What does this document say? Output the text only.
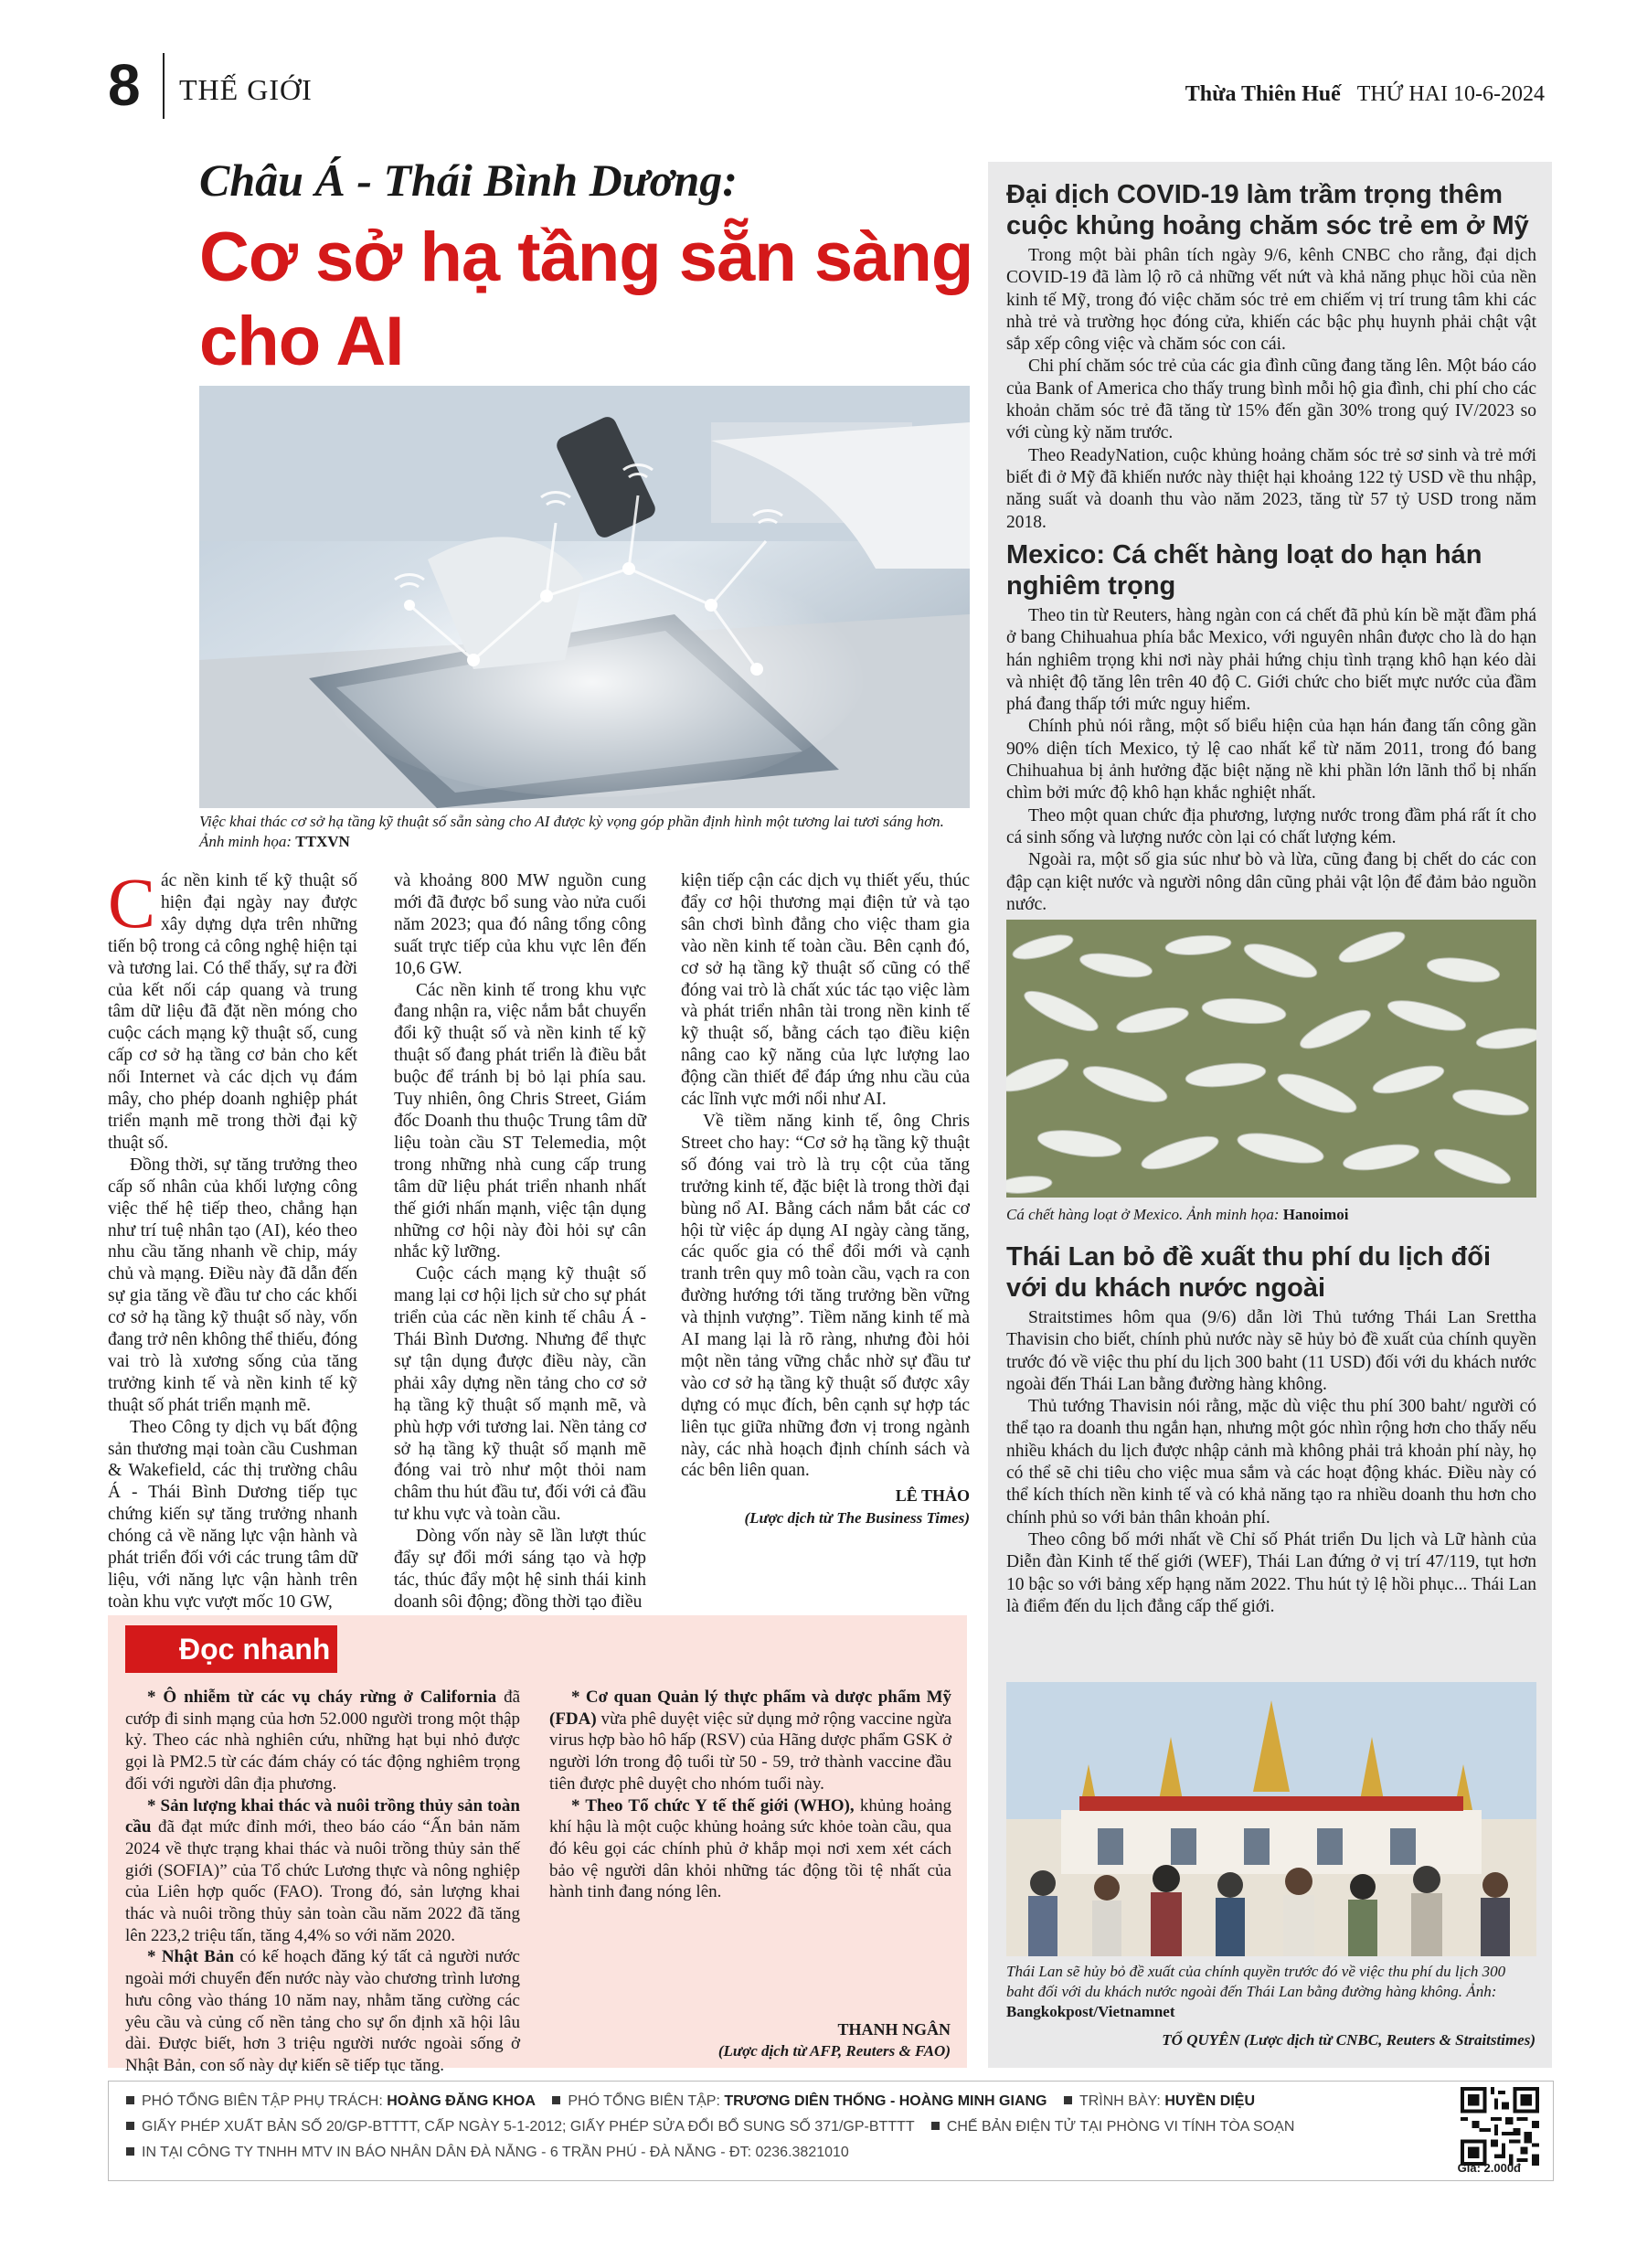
8 THẾ GIỚI	Thừa Thiên Huế THỨ HAI 10-6-2024
Châu Á - Thái Bình Dương:
Cơ sở hạ tầng sẵn sàng cho AI
Việc khai thác cơ sở hạ tầng kỹ thuật số sẵn sàng cho AI được kỳ vọng góp phần định hình một tương lai tươi sáng hơn. Ảnh minh họa: TTXVN

Các nền kinh tế kỹ thuật số hiện đại ngày nay được xây dựng dựa trên những tiến bộ trong cả công nghệ hiện tại và tương lai. Có thể thấy, sự ra đời của kết nối cáp quang và trung tâm dữ liệu đã đặt nền móng cho cuộc cách mạng kỹ thuật số, cung cấp cơ sở hạ tầng cơ bản cho kết nối Internet và các dịch vụ đám mây, cho phép doanh nghiệp phát triển mạnh mẽ trong thời đại kỹ thuật số.

Đồng thời, sự tăng trưởng theo cấp số nhân của khối lượng công việc thế hệ tiếp theo, chẳng hạn như trí tuệ nhân tạo (AI), kéo theo nhu cầu tăng nhanh về chip, máy chủ và mạng. Điều này đã dẫn đến sự gia tăng về đầu tư cho các khối cơ sở hạ tầng kỹ thuật số này, vốn đang trở nên không thể thiếu, đóng vai trò là xương sống của tăng trưởng kinh tế và nền kinh tế kỹ thuật số phát triển mạnh mẽ.

Theo Công ty dịch vụ bất động sản thương mại toàn cầu Cushman & Wakefield, các thị trường châu Á - Thái Bình Dương tiếp tục chứng kiến sự tăng trưởng nhanh chóng cả về năng lực vận hành và phát triển đối với các trung tâm dữ liệu, với năng lực vận hành trên toàn khu vực vượt mốc 10 GW,

và khoảng 800 MW nguồn cung mới đã được bổ sung vào nửa cuối năm 2023; qua đó nâng tổng công suất trực tiếp của khu vực lên đến 10,6 GW.

Các nền kinh tế trong khu vực đang nhận ra, việc nắm bắt chuyển đổi kỹ thuật số và nền kinh tế kỹ thuật số đang phát triển là điều bắt buộc để tránh bị bỏ lại phía sau. Tuy nhiên, ông Chris Street, Giám đốc Doanh thu thuộc Trung tâm dữ liệu toàn cầu ST Telemedia, một trong những nhà cung cấp trung tâm dữ liệu phát triển nhanh nhất thế giới nhấn mạnh, việc tận dụng những cơ hội này đòi hỏi sự cân nhắc kỹ lưỡng.

Cuộc cách mạng kỹ thuật số mang lại cơ hội lịch sử cho sự phát triển của các nền kinh tế châu Á - Thái Bình Dương. Nhưng để thực sự tận dụng được điều này, cần phải xây dựng nền tảng cho cơ sở hạ tầng kỹ thuật số mạnh mẽ, và phù hợp với tương lai. Nền tảng cơ sở hạ tầng kỹ thuật số mạnh mẽ đóng vai trò như một thỏi nam châm thu hút đầu tư, đối với cả đầu tư khu vực và toàn cầu.

Dòng vốn này sẽ lần lượt thúc đẩy sự đổi mới sáng tạo và hợp tác, thúc đẩy một hệ sinh thái kinh doanh sôi động; đồng thời tạo điều

kiện tiếp cận các dịch vụ thiết yếu, thúc đẩy cơ hội thương mại điện tử và tạo sân chơi bình đẳng cho việc tham gia vào nền kinh tế toàn cầu. Bên cạnh đó, cơ sở hạ tầng kỹ thuật số cũng có thể đóng vai trò là chất xúc tác tạo việc làm và phát triển nhân tài trong nền kinh tế kỹ thuật số, bằng cách tạo điều kiện nâng cao kỹ năng của lực lượng lao động cần thiết để đáp ứng nhu cầu của các lĩnh vực mới nổi như AI.

Về tiềm năng kinh tế, ông Chris Street cho hay: “Cơ sở hạ tầng kỹ thuật số đóng vai trò là trụ cột của tăng trưởng kinh tế, đặc biệt là trong thời đại bùng nổ AI. Bằng cách nắm bắt các cơ hội từ việc áp dụng AI ngày càng tăng, các quốc gia có thể đổi mới và cạnh tranh trên quy mô toàn cầu, vạch ra con đường hướng tới tăng trưởng bền vững và thịnh vượng”. Tiềm năng kinh tế mà AI mang lại là rõ ràng, nhưng đòi hỏi một nền tảng vững chắc nhờ sự đầu tư vào cơ sở hạ tầng kỹ thuật số được xây dựng có mục đích, bên cạnh sự hợp tác liên tục giữa những đơn vị trong ngành này, các nhà hoạch định chính sách và các bên liên quan.

LÊ THẢO
(Lược dịch từ The Business Times)
Đọc nhanh

* Ô nhiễm từ các vụ cháy rừng ở California đã cướp đi sinh mạng của hơn 52.000 người trong một thập kỷ. Theo các nhà nghiên cứu, những hạt bụi nhỏ được gọi là PM2.5 từ các đám cháy có tác động nghiêm trọng đối với người dân địa phương.

* Sản lượng khai thác và nuôi trồng thủy sản toàn cầu đã đạt mức đỉnh mới, theo báo cáo “Ấn bản năm 2024 về thực trạng khai thác và nuôi trồng thủy sản thế giới (SOFIA)” của Tổ chức Lương thực và nông nghiệp của Liên hợp quốc (FAO). Trong đó, sản lượng khai thác và nuôi trồng thủy sản toàn cầu năm 2022 đã tăng lên 223,2 triệu tấn, tăng 4,4% so với năm 2020.

* Nhật Bản có kế hoạch đăng ký tất cả người nước ngoài mới chuyển đến nước này vào chương trình lương hưu công vào tháng 10 năm nay, nhằm tăng cường các yêu cầu và củng cố nền tảng cho sự ổn định xã hội lâu dài. Được biết, hơn 3 triệu người nước ngoài sống ở Nhật Bản, con số này dự kiến sẽ tiếp tục tăng.

* Cơ quan Quản lý thực phẩm và dược phẩm Mỹ (FDA) vừa phê duyệt việc sử dụng mở rộng vaccine ngừa virus hợp bào hô hấp (RSV) của Hãng dược phẩm GSK ở người lớn trong độ tuổi từ 50 - 59, trở thành vaccine đầu tiên được phê duyệt cho nhóm tuổi này.

* Theo Tổ chức Y tế thế giới (WHO), khủng hoảng khí hậu là một cuộc khủng hoảng sức khỏe toàn cầu, qua đó kêu gọi các chính phủ ở khắp mọi nơi xem xét cách bảo vệ người dân khỏi những tác động tồi tệ nhất của hành tinh đang nóng lên.

THANH NGÂN
(Lược dịch từ AFP, Reuters & FAO)
Đại dịch COVID-19 làm trầm trọng thêm cuộc khủng hoảng chăm sóc trẻ em ở Mỹ

Trong một bài phân tích ngày 9/6, kênh CNBC cho rằng, đại dịch COVID-19 đã làm lộ rõ cả những vết nứt và khả năng phục hồi của nền kinh tế Mỹ, trong đó việc chăm sóc trẻ em chiếm vị trí trung tâm khi các nhà trẻ và trường học đóng cửa, khiến các bậc phụ huynh phải chật vật sắp xếp công việc và chăm sóc con cái.

Chi phí chăm sóc trẻ của các gia đình cũng đang tăng lên. Một báo cáo của Bank of America cho thấy trung bình mỗi hộ gia đình, chi phí cho các khoản chăm sóc trẻ đã tăng từ 15% đến gần 30% trong quý IV/2023 so với cùng kỳ năm trước.

Theo ReadyNation, cuộc khủng hoảng chăm sóc trẻ sơ sinh và trẻ mới biết đi ở Mỹ đã khiến nước này thiệt hại khoảng 122 tỷ USD về thu nhập, năng suất và doanh thu vào năm 2023, tăng từ 57 tỷ USD trong năm 2018.

Mexico: Cá chết hàng loạt do hạn hán nghiêm trọng

Theo tin từ Reuters, hàng ngàn con cá chết đã phủ kín bề mặt đầm phá ở bang Chihuahua phía bắc Mexico, với nguyên nhân được cho là do hạn hán nghiêm trọng khi nơi này phải hứng chịu tình trạng khô hạn kéo dài và nhiệt độ tăng lên trên 40 độ C. Giới chức cho biết mực nước của đầm phá đang thấp tới mức nguy hiểm.

Chính phủ nói rằng, một số biểu hiện của hạn hán đang tấn công gần 90% diện tích Mexico, tỷ lệ cao nhất kể từ năm 2011, trong đó bang Chihuahua bị ảnh hưởng đặc biệt nặng nề khi phần lớn lãnh thổ bị nhấn chìm bởi mức độ khô hạn khắc nghiệt nhất.

Theo một quan chức địa phương, lượng nước trong đầm phá rất ít cho cá sinh sống và lượng nước còn lại có chất lượng kém.

Ngoài ra, một số gia súc như bò và lừa, cũng đang bị chết do các con đập cạn kiệt nước và người nông dân cũng phải vật lộn để đảm bảo nguồn nước.

Cá chết hàng loạt ở Mexico. Ảnh minh họa: Hanoimoi
Thái Lan bỏ đề xuất thu phí du lịch đối với du khách nước ngoài

Straitstimes hôm qua (9/6) dẫn lời Thủ tướng Thái Lan Srettha Thavisin cho biết, chính phủ nước này sẽ hủy bỏ đề xuất của chính quyền trước đó về việc thu phí du lịch 300 baht (11 USD) đối với du khách nước ngoài đến Thái Lan bằng đường hàng không.

Thủ tướng Thavisin nói rằng, mặc dù việc thu phí 300 baht/ người có thể tạo ra doanh thu ngắn hạn, nhưng một góc nhìn rộng hơn cho thấy nếu nhiều khách du lịch được nhập cảnh mà không phải trả khoản phí này, họ có thể sẽ chi tiêu cho việc mua sắm và các hoạt động khác. Điều này có thể kích thích nền kinh tế và có khả năng tạo ra nhiều doanh thu hơn cho chính phủ so với bản thân khoản phí.

Theo công bố mới nhất về Chỉ số Phát triển Du lịch và Lữ hành của Diễn đàn Kinh tế thế giới (WEF), Thái Lan đứng ở vị trí 47/119, tụt hơn 10 bậc so với bảng xếp hạng năm 2022. Thu hút tỷ lệ hồi phục... Thái Lan là điểm đến du lịch đẳng cấp thế giới.

Thái Lan sẽ hủy bỏ đề xuất của chính quyền trước đó về việc thu phí du lịch 300 baht đối với du khách nước ngoài đến Thái Lan bằng đường hàng không. Ảnh: Bangkokpost/Vietnamnet
TỐ QUYÊN (Lược dịch từ CNBC, Reuters & Straitstimes)
PHÓ TỔNG BIÊN TẬP PHỤ TRÁCH: HOÀNG ĐĂNG KHOA PHÓ TỔNG BIÊN TẬP: TRƯƠNG DIÊN THỐNG - HOÀNG MINH GIANG TRÌNH BÀY: HUYỀN DIỆU
GIẤY PHÉP XUẤT BẢN SỐ 20/GP-BTTTT, CẤP NGÀY 5-1-2012; GIẤY PHÉP SỬA ĐỔI BỔ SUNG SỐ 371/GP-BTTTT CHẾ BẢN ĐIỆN TỬ TẠI PHÒNG VI TÍNH TÒA SOẠN
IN TẠI CÔNG TY TNHH MTV IN BÁO NHÂN DÂN ĐÀ NẴNG - 6 TRẦN PHÚ - ĐÀ NẴNG - ĐT: 0236.3821010
Giá: 2.000đ
